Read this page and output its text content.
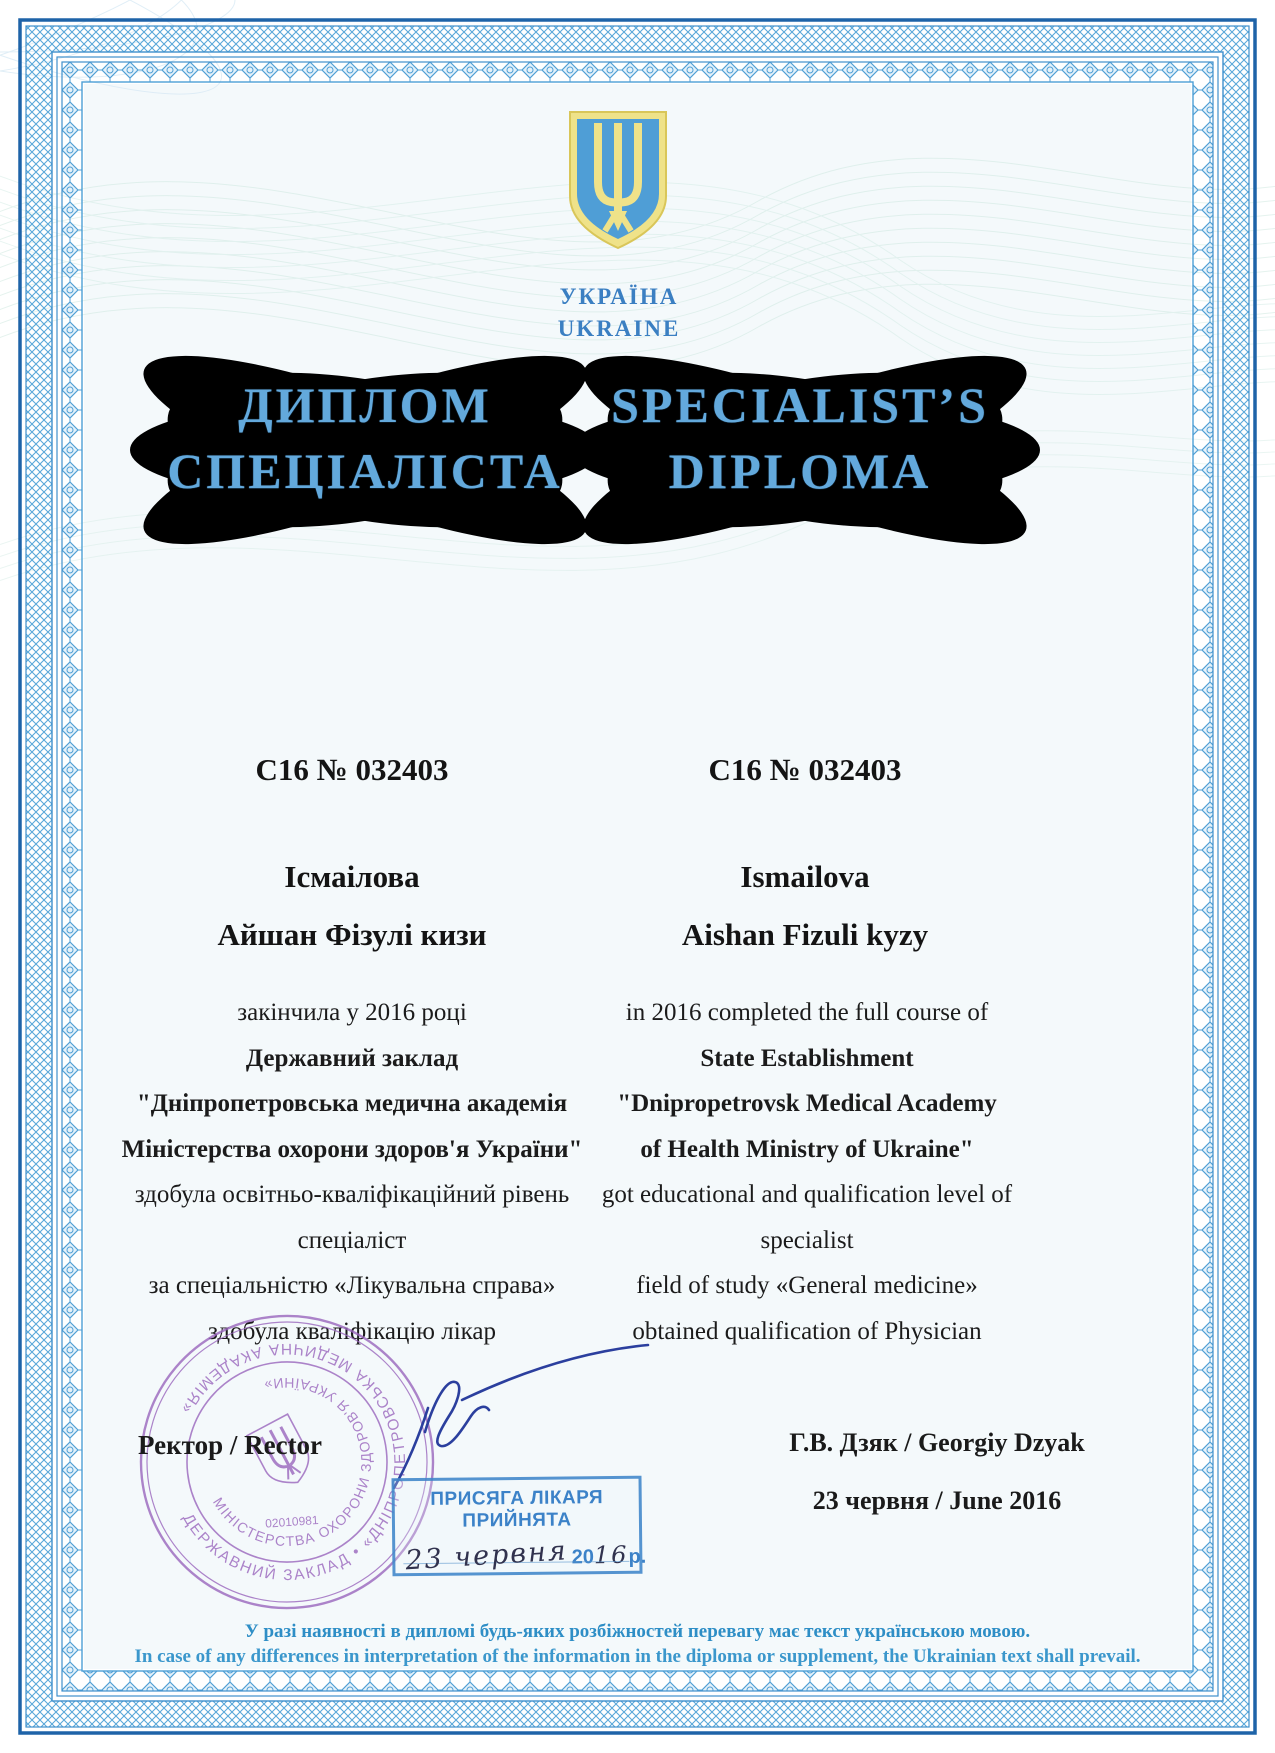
УКРАЇНА
UKRAINE
ДИПЛОМ
СПЕЦІАЛІСТА
SPECIALIST’S
DIPLOMA
С16 № 032403	С16 № 032403
Ісмаілова
Айшан Фізулі кизи
Ismailova
Aishan Fizuli kyzy
закінчила у 2016 році
Державний заклад
"Дніпропетровська медична академія
Міністерства охорони здоров'я України"
здобула освітньо-кваліфікаційний рівень
спеціаліст
за спеціальністю «Лікувальна справа»
здобула кваліфікацію лікар
in 2016 completed the full course of
State Establishment
"Dnipropetrovsk Medical Academy
of Health Ministry of Ukraine"
got educational and qualification level of
specialist
field of study «General medicine»
obtained qualification of Physician
ДЕРЖАВНИЙ ЗАКЛАД • «ДНІПРОПЕТРОВСЬКА МЕДИЧНА АКАДЕМІЯ»
МІНІСТЕРСТВА ОХОРОНИ ЗДОРОВ'Я УКРАЇНИ»
02010981
Ректор / Rector
ПРИСЯГА ЛІКАРЯ ПРИЙНЯТА
23 червня 2016р.
Г.В. Дзяк / Georgiy Dzyak
23 червня / June 2016
У разі наявності в дипломі будь-яких розбіжностей перевагу має текст українською мовою.
In case of any differences in interpretation of the information in the diploma or supplement, the Ukrainian text shall prevail.
